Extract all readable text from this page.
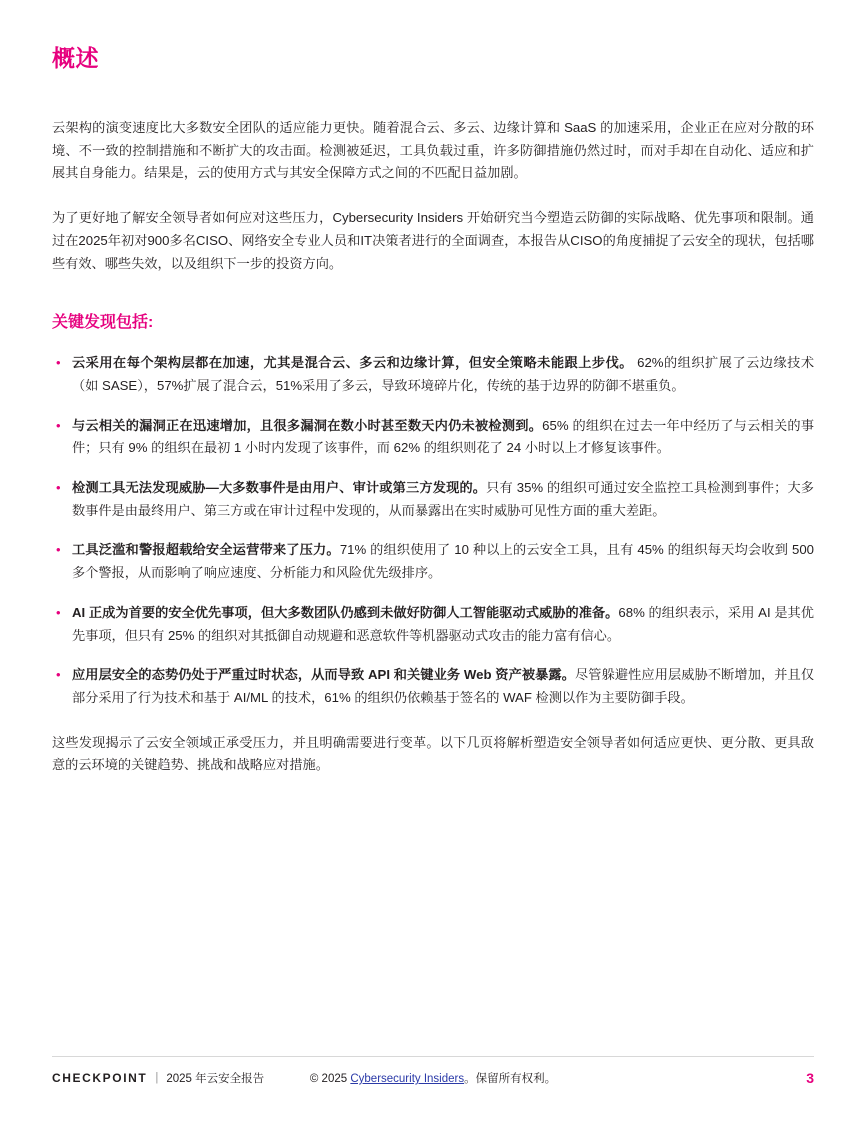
概述

云架构的演变速度比大多数安全团队的适应能力更快。随着混合云、多云、边缘计算和 SaaS 的加速采用，企业正在应对分散的环境、不一致的控制措施和不断扩大的攻击面。检测被延迟，工具负载过重，许多防御措施仍然过时，而对手却在自动化、适应和扩展其自身能力。结果是，云的使用方式与其安全保障方式之间的不匹配日益加剧。

为了更好地了解安全领导者如何应对这些压力，Cybersecurity Insiders 开始研究当今塑造云防御的实际战略、优先事项和限制。通过在2025年初对900多名CISO、网络安全专业人员和IT决策者进行的全面调查，本报告从CISO的角度捕捉了云安全的现状，包括哪些有效、哪些失效，以及组织下一步的投资方向。

关键发现包括:
• 云采用在每个架构层都在加速，尤其是混合云、多云和边缘计算，但安全策略未能跟上步伐。 62%的组织扩展了云边缘技术（如 SASE），57%扩展了混合云，51%采用了多云，导致环境碎片化，传统的基于边界的防御不堪重负。
• 与云相关的漏洞正在迅速增加，且很多漏洞在数小时甚至数天内仍未被检测到。65% 的组织在过去一年中经历了与云相关的事件；只有 9% 的组织在最初 1 小时内发现了该事件，而 62% 的组织则花了 24 小时以上才修复该事件。
• 检测工具无法发现威胁—大多数事件是由用户、审计或第三方发现的。只有 35% 的组织可通过安全监控工具检测到事件；大多数事件是由最终用户、第三方或在审计过程中发现的，从而暴露出在实时威胁可见性方面的重大差距。
• 工具泛滥和警报超载给安全运营带来了压力。71% 的组织使用了 10 种以上的云安全工具，且有 45% 的组织每天均会收到 500 多个警报，从而影响了响应速度、分析能力和风险优先级排序。
• AI 正成为首要的安全优先事项，但大多数团队仍感到未做好防御人工智能驱动式威胁的准备。68% 的组织表示，采用 AI 是其优先事项，但只有 25% 的组织对其抵御自动规避和恶意软件等机器驱动式攻击的能力富有信心。
• 应用层安全的态势仍处于严重过时状态，从而导致 API 和关键业务 Web 资产被暴露。尽管躲避性应用层威胁不断增加，并且仅部分采用了行为技术和基于 AI/ML 的技术，61% 的组织仍依赖基于签名的 WAF 检测以作为主要防御手段。

这些发现揭示了云安全领域正承受压力，并且明确需要进行变革。以下几页将解析塑造安全领导者如何适应更快、更分散、更具敌意的云环境的关键趋势、挑战和战略应对措施。

CHECKPOINT | 2025 年云安全报告	© 2025 Cybersecurity Insiders。保留所有权利。	3
